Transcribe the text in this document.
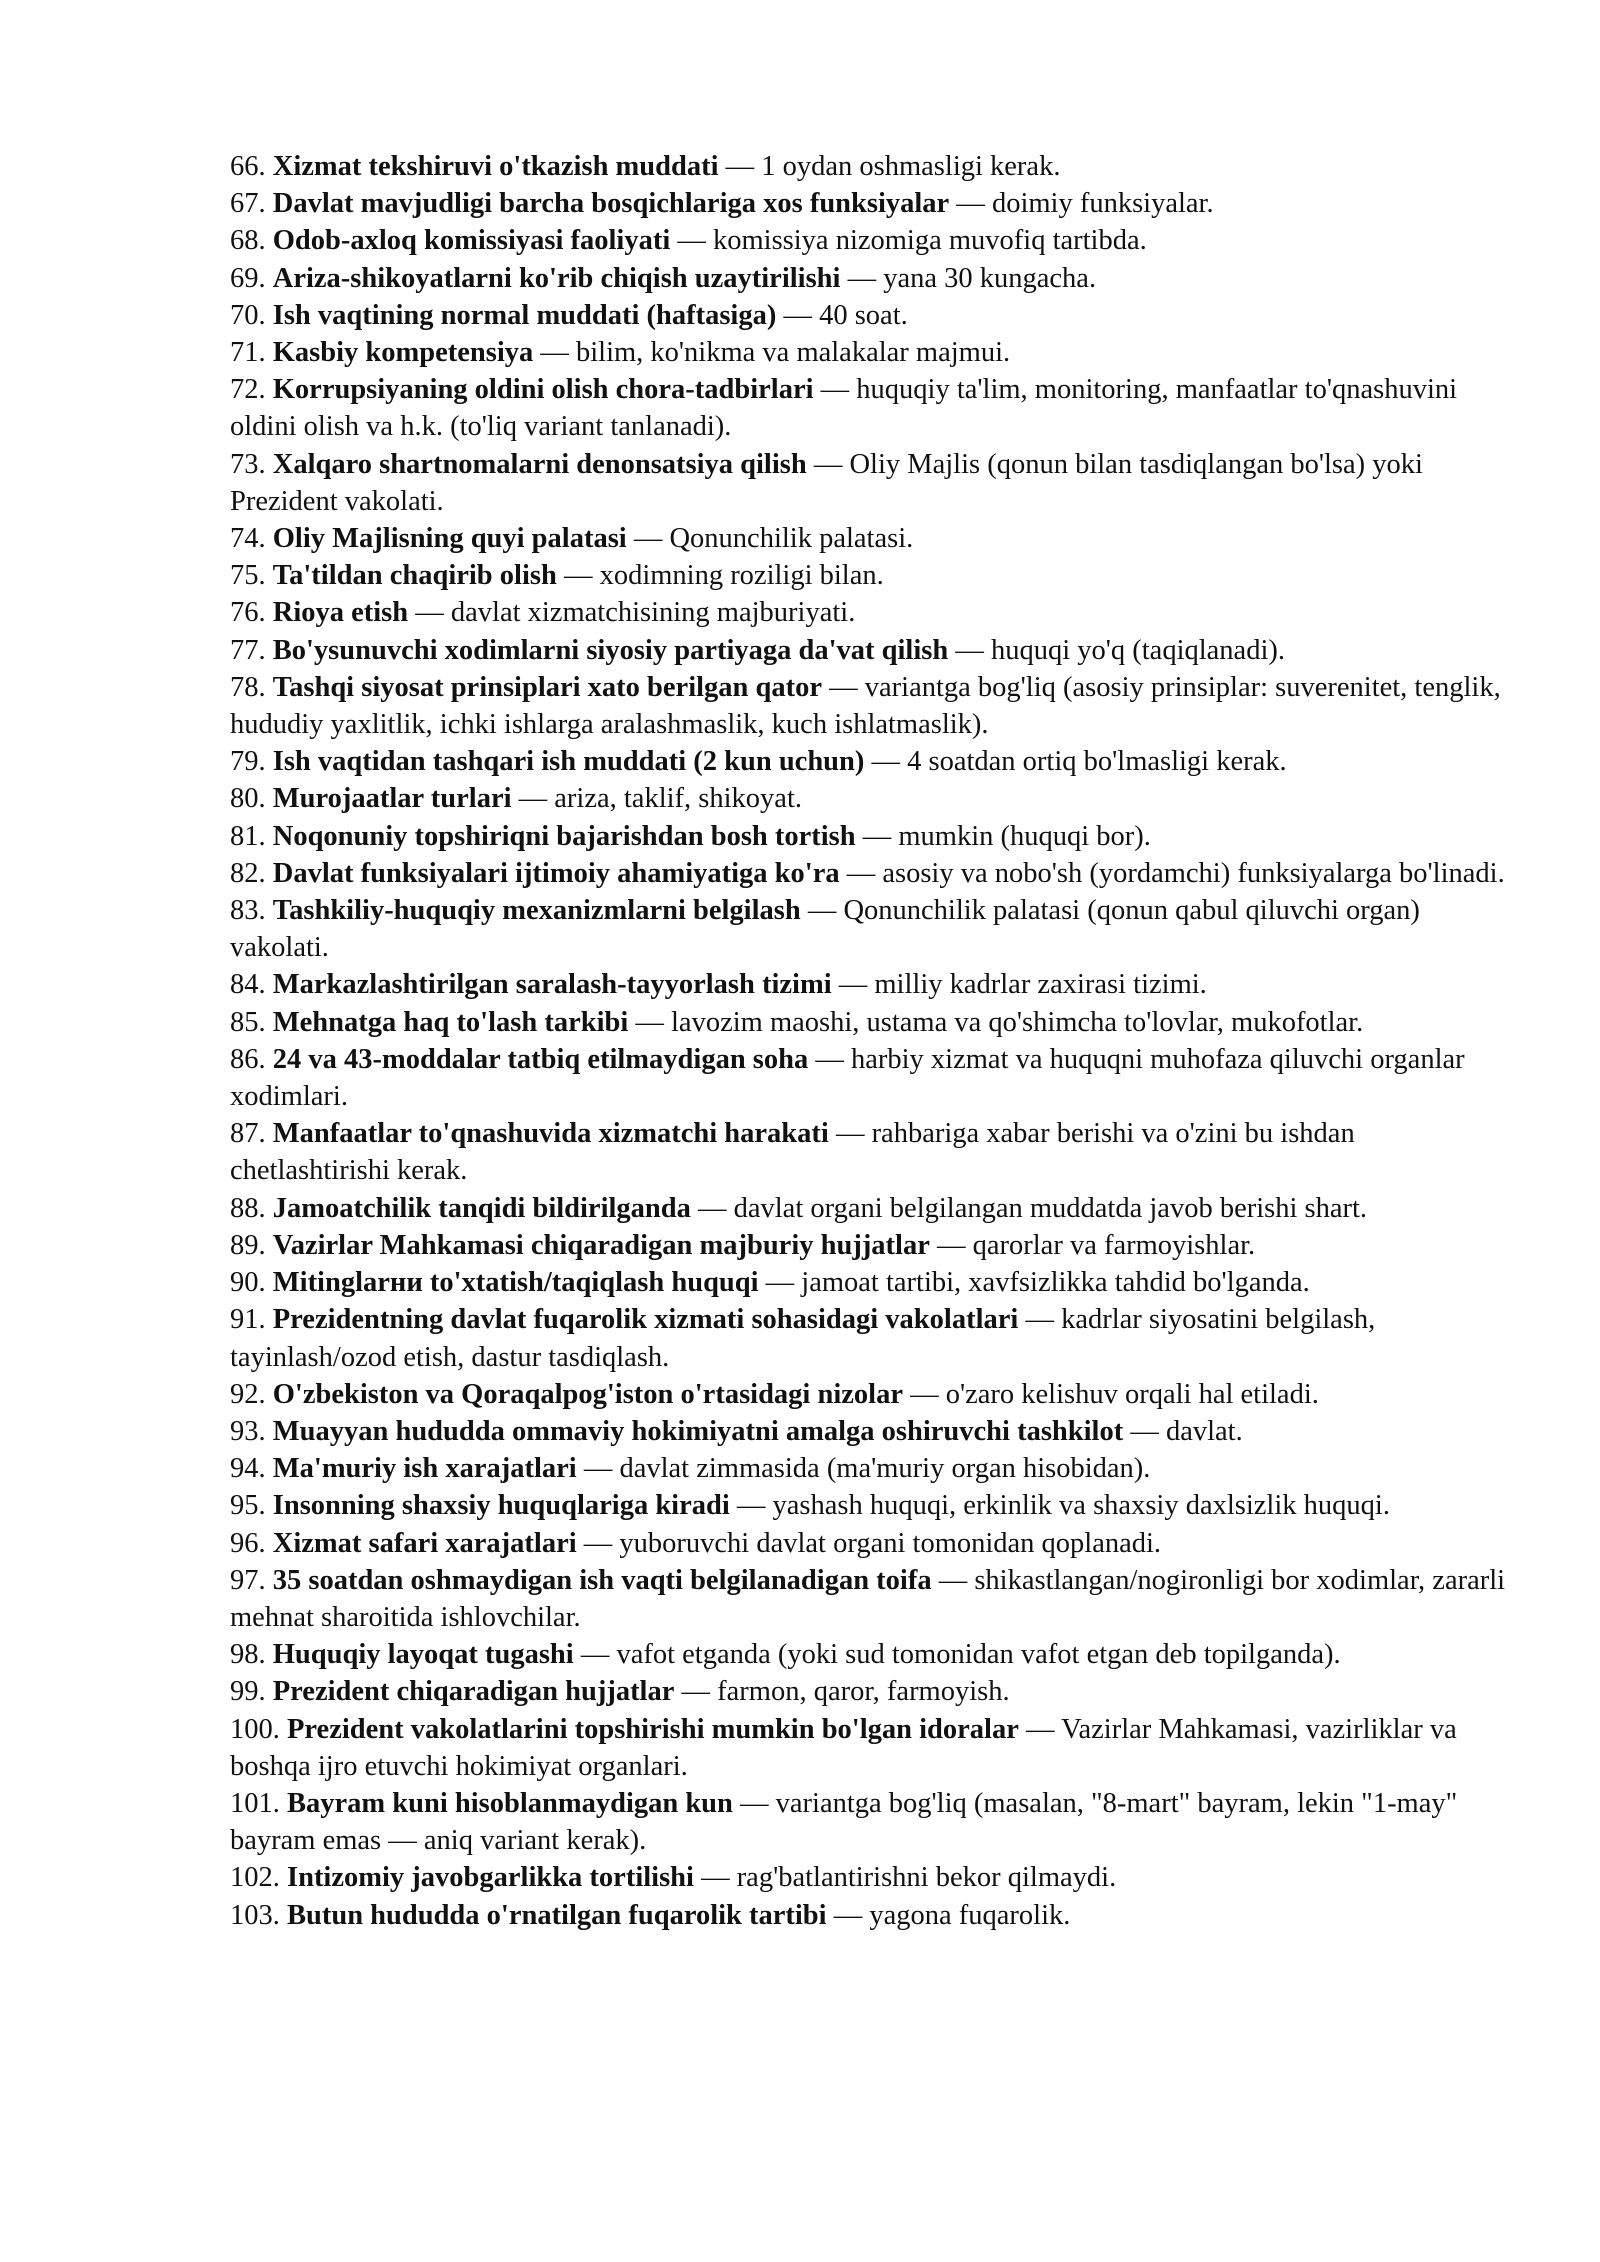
66. Xizmat tekshiruvi o'tkazish muddati — 1 oydan oshmasligi kerak.

67. Davlat mavjudligi barcha bosqichlariga xos funksiyalar — doimiy funksiyalar.

68. Odob-axloq komissiyasi faoliyati — komissiya nizomiga muvofiq tartibda.

69. Ariza-shikoyatlarni ko'rib chiqish uzaytirilishi — yana 30 kungacha.

70. Ish vaqtining normal muddati (haftasiga) — 40 soat.

71. Kasbiy kompetensiya — bilim, ko'nikma va malakalar majmui.

72. Korrupsiyaning oldini olish chora-tadbirlari — huquqiy ta'lim, monitoring, manfaatlar to'qnashuvini oldini olish va h.k. (to'liq variant tanlanadi).

73. Xalqaro shartnomalarni denonsatsiya qilish — Oliy Majlis (qonun bilan tasdiqlangan bo'lsa) yoki Prezident vakolati.

74. Oliy Majlisning quyi palatasi — Qonunchilik palatasi.

75. Ta'tildan chaqirib olish — xodimning roziligi bilan.

76. Rioya etish — davlat xizmatchisining majburiyati.

77. Bo'ysunuvchi xodimlarni siyosiy partiyaga da'vat qilish — huquqi yo'q (taqiqlanadi).

78. Tashqi siyosat prinsiplari xato berilgan qator — variantga bog'liq (asosiy prinsiplar: suverenitet, tenglik, hududiy yaxlitlik, ichki ishlarga aralashmaslik, kuch ishlatmaslik).

79. Ish vaqtidan tashqari ish muddati (2 kun uchun) — 4 soatdan ortiq bo'lmasligi kerak.

80. Murojaatlar turlari — ariza, taklif, shikoyat.

81. Noqonuniy topshiriqni bajarishdan bosh tortish — mumkin (huquqi bor).

82. Davlat funksiyalari ijtimoiy ahamiyatiga ko'ra — asosiy va nobo'sh (yordamchi) funksiyalarga bo'linadi.

83. Tashkiliy-huquqiy mexanizmlarni belgilash — Qonunchilik palatasi (qonun qabul qiluvchi organ) vakolati.

84. Markazlashtirilgan saralash-tayyorlash tizimi — milliy kadrlar zaxirasi tizimi.

85. Mehnatga haq to'lash tarkibi — lavozim maoshi, ustama va qo'shimcha to'lovlar, mukofotlar.

86. 24 va 43-moddalar tatbiq etilmaydigan soha — harbiy xizmat va huquqni muhofaza qiluvchi organlar xodimlari.

87. Manfaatlar to'qnashuvida xizmatchi harakati — rahbariga xabar berishi va o'zini bu ishdan chetlashtirishi kerak.

88. Jamoatchilik tanqidi bildirilganda — davlat organi belgilangan muddatda javob berishi shart.

89. Vazirlar Mahkamasi chiqaradigan majburiy hujjatlar — qarorlar va farmoyishlar.

90. Mitinglarни to'xtatish/taqiqlash huquqi — jamoat tartibi, xavfsizlikka tahdid bo'lganda.

91. Prezidentning davlat fuqarolik xizmati sohasidagi vakolatlari — kadrlar siyosatini belgilash, tayinlash/ozod etish, dastur tasdiqlash.

92. O'zbekiston va Qoraqalpog'iston o'rtasidagi nizolar — o'zaro kelishuv orqali hal etiladi.

93. Muayyan hududda ommaviy hokimiyatni amalga oshiruvchi tashkilot — davlat.

94. Ma'muriy ish xarajatlari — davlat zimmasida (ma'muriy organ hisobidan).

95. Insonning shaxsiy huquqlariga kiradi — yashash huquqi, erkinlik va shaxsiy daxlsizlik huquqi.

96. Xizmat safari xarajatlari — yuboruvchi davlat organi tomonidan qoplanadi.

97. 35 soatdan oshmaydigan ish vaqti belgilanadigan toifa — shikastlangan/nogironligi bor xodimlar, zararli mehnat sharoitida ishlovchilar.

98. Huquqiy layoqat tugashi — vafot etganda (yoki sud tomonidan vafot etgan deb topilganda).

99. Prezident chiqaradigan hujjatlar — farmon, qaror, farmoyish.

100. Prezident vakolatlarini topshirishi mumkin bo'lgan idoralar — Vazirlar Mahkamasi, vazirliklar va boshqa ijro etuvchi hokimiyat organlari.

101. Bayram kuni hisoblanmaydigan kun — variantga bog'liq (masalan, "8-mart" bayram, lekin "1-may" bayram emas — aniq variant kerak).

102. Intizomiy javobgarlikka tortilishi — rag'batlantirishni bekor qilmaydi.

103. Butun hududda o'rnatilgan fuqarolik tartibi — yagona fuqarolik.
